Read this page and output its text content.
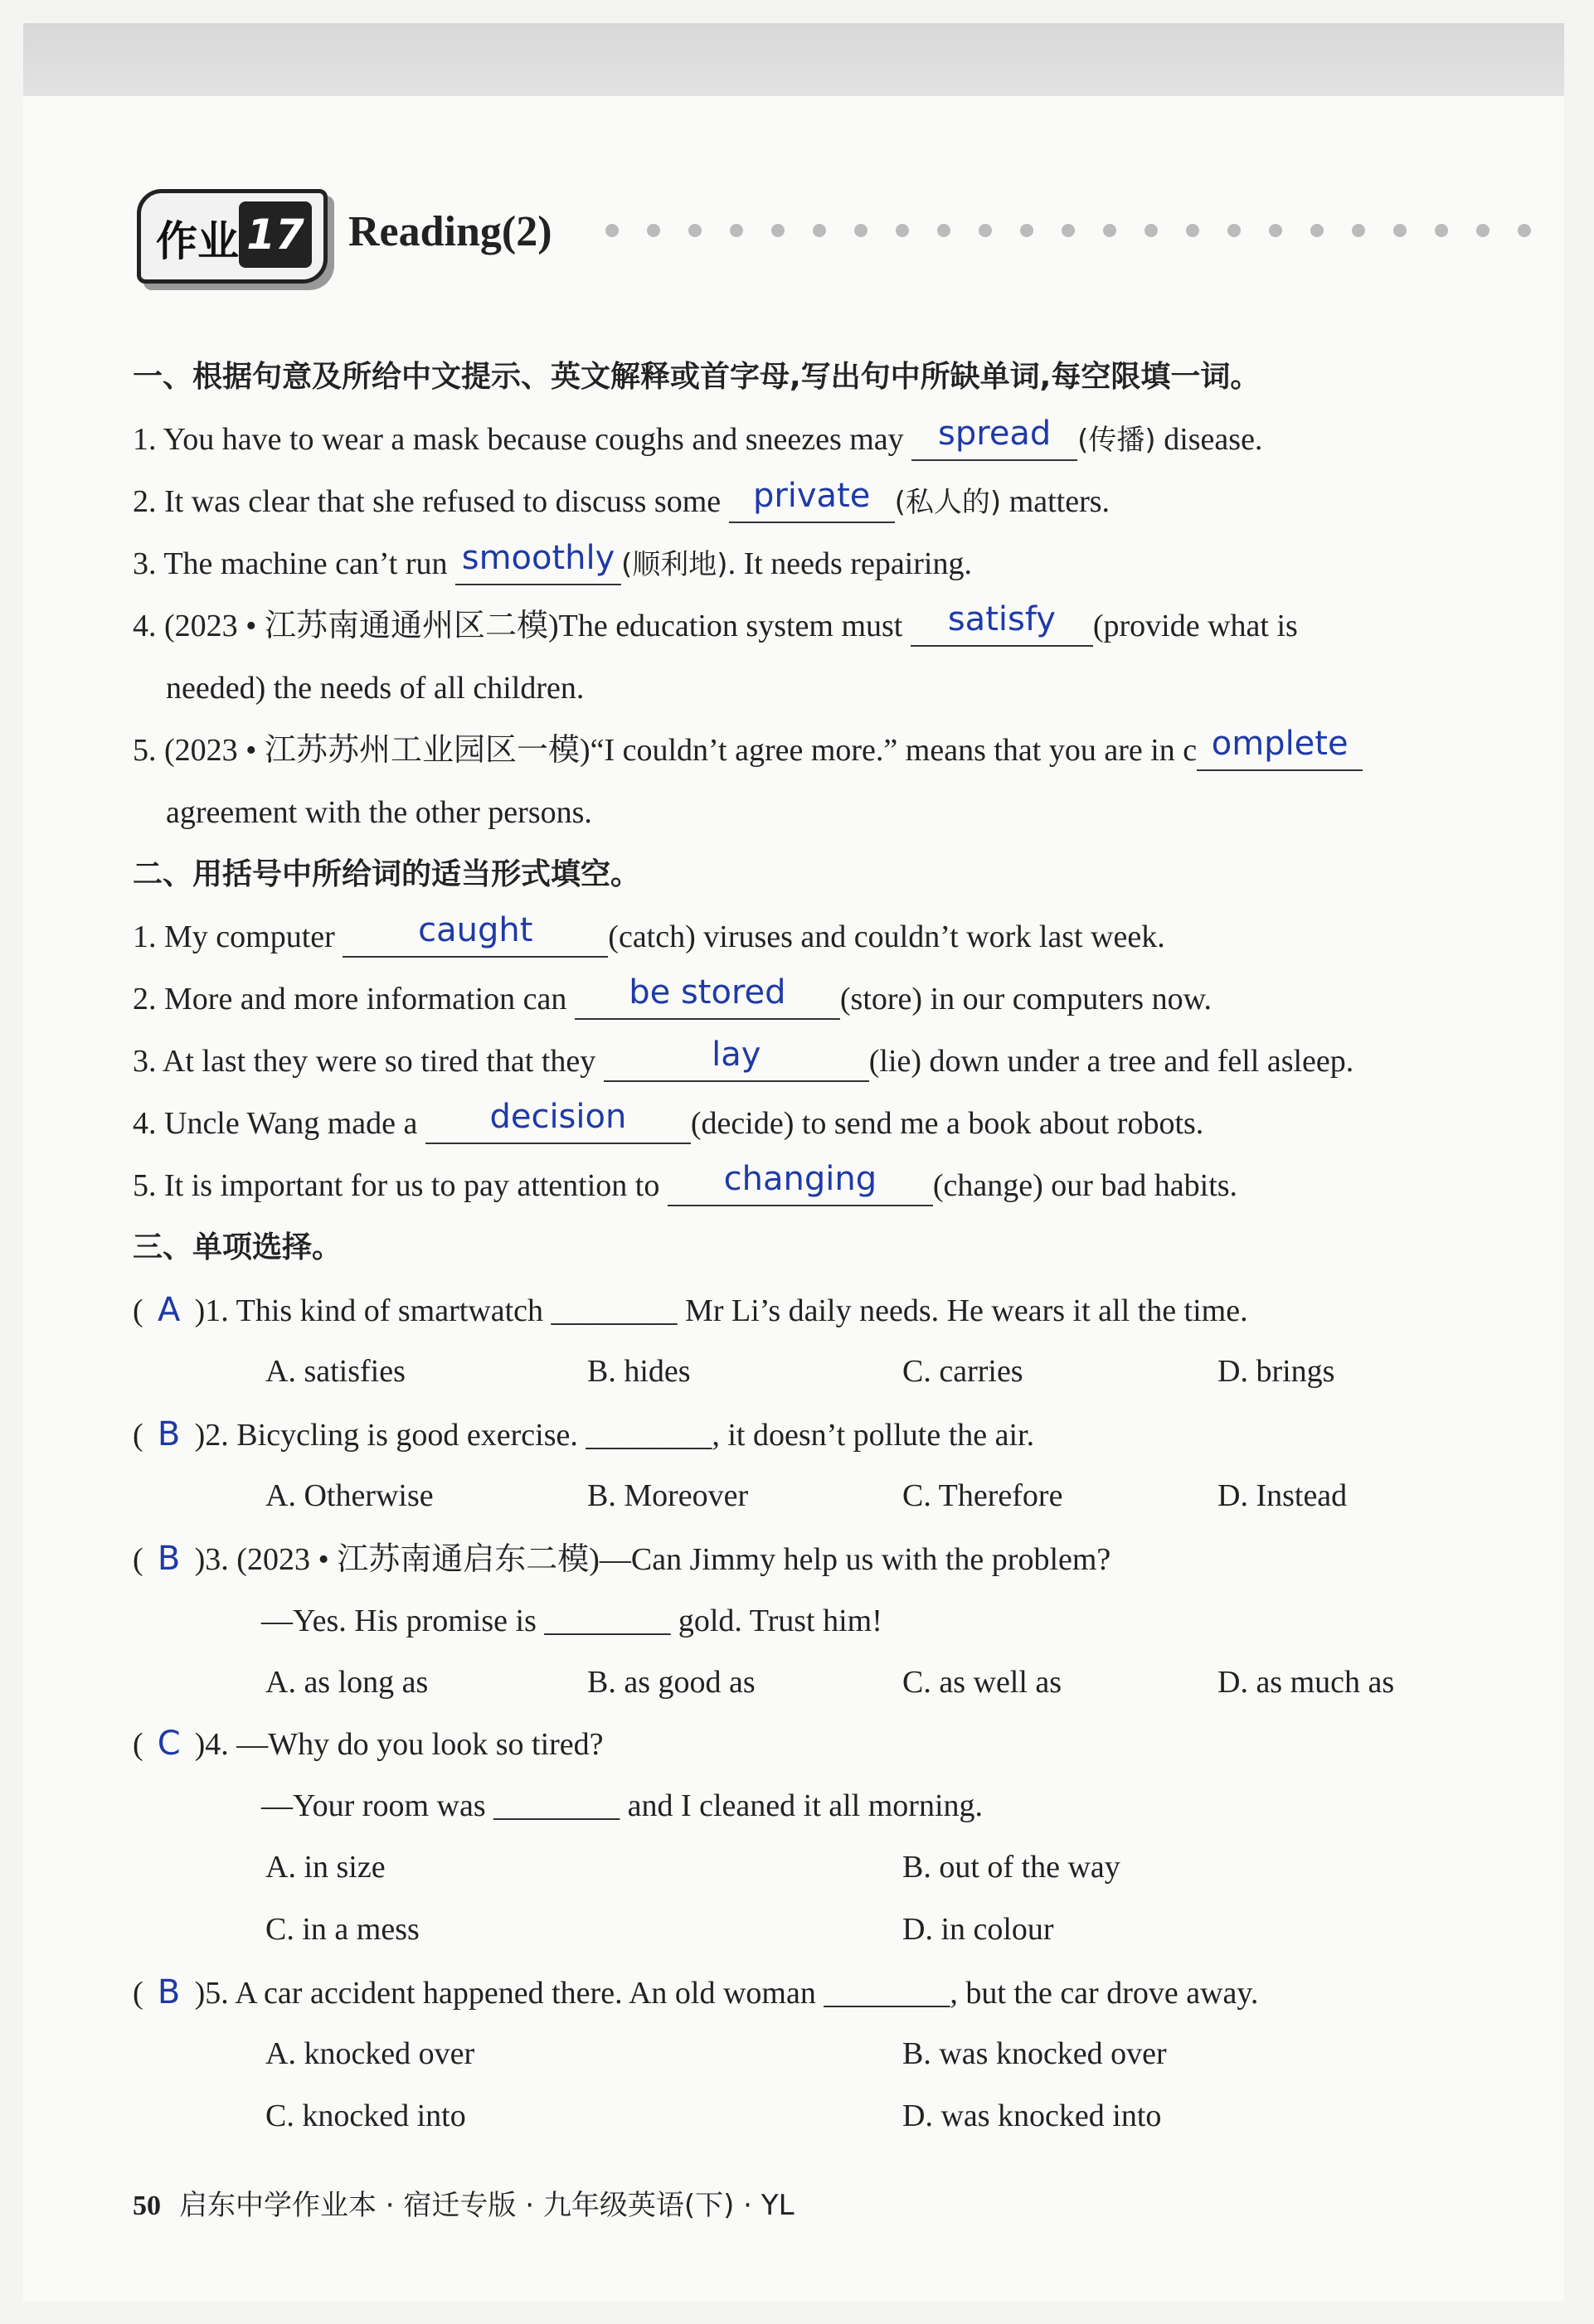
作业 17 Reading(2)
一、根据句意及所给中文提示、英文解释或首字母,写出句中所缺单词,每空限填一词。
1. You have to wear a mask because coughs and sneezes may	spread (传播) disease.
2. It was clear that she refused to discuss some private (私人的) matters.
3. The machine can’t run smoothly (顺利地). It needs repairing.
4. (2023 • 江苏南通通州区二模)The education system must	satisfy	(provide what is
needed) the needs of all children.
5. (2023 • 江苏苏州工业园区一模)“I couldn’t agree more.” means that you are in c omplete
agreement with the other persons.
二、用括号中所给词的适当形式填空。
1. My computer	caught	(catch) viruses and couldn’t work last week.
2. More and more information can	be stored	(store) in our computers now.
3. At last they were so tired that they	lay	(lie) down under a tree and fell asleep.
4. Uncle Wang made a	decision	(decide) to send me a book about robots.
5. It is important for us to pay attention to	changing	(change) our bad habits.
三、单项选择。
( A )1. This kind of smartwatch ________ Mr Li’s daily needs. He wears it all the time.
A. satisfies	B. hides	C. carries	D. brings
( B )2. Bicycling is good exercise. ________, it doesn’t pollute the air.
A. Otherwise	B. Moreover	C. Therefore	D. Instead
( B )3. (2023 • 江苏南通启东二模)—Can Jimmy help us with the problem?
—Yes. His promise is ________ gold. Trust him!
A. as long as	B. as good as	C. as well as	D. as much as
( C )4. —Why do you look so tired?
—Your room was ________ and I cleaned it all morning.
A. in size	B. out of the way
C. in a mess	D. in colour
( B )5. A car accident happened there. An old woman ________, but the car drove away.
A. knocked over	B. was knocked over
C. knocked into	D. was knocked into
50 启东中学作业本 · 宿迁专版 · 九年级英语(下) · YL
